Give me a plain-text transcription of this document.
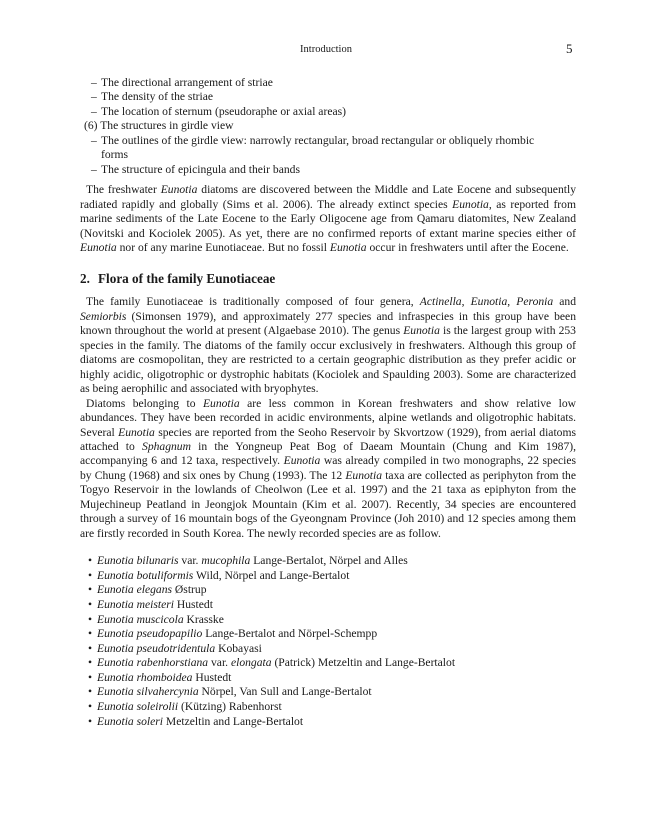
Introduction	5
– The directional arrangement of striae
– The density of the striae
– The location of sternum (pseudoraphe or axial areas)
(6) The structures in girdle view
– The outlines of the girdle view: narrowly rectangular, broad rectangular or obliquely rhombic
forms
– The structure of epicingula and their bands

The freshwater Eunotia diatoms are discovered between the Middle and Late Eocene and subsequently radiated rapidly and globally (Sims et al. 2006). The already extinct species Eunotia, as reported from marine sediments of the Late Eocene to the Early Oligocene age from Qamaru diatomites, New Zealand (Novitski and Kociolek 2005). As yet, there are no confirmed reports of extant marine species either of Eunotia nor of any marine Eunotiaceae. But no fossil Eunotia occur in freshwaters until after the Eocene.

2. Flora of the family Eunotiaceae

The family Eunotiaceae is traditionally composed of four genera, Actinella, Eunotia, Peronia and Semiorbis (Simonsen 1979), and approximately 277 species and infraspecies in this group have been known throughout the world at present (Algaebase 2010). The genus Eunotia is the largest group with 253 species in the family. The diatoms of the family occur exclusively in freshwaters. Although this group of diatoms are cosmopolitan, they are restricted to a certain geographic distribution as they prefer acidic or highly acidic, oligotrophic or dystrophic habitats (Kociolek and Spaulding 2003). Some are characterized as being aerophilic and associated with bryophytes.

Diatoms belonging to Eunotia are less common in Korean freshwaters and show relative low abundances. They have been recorded in acidic environments, alpine wetlands and oligotrophic habitats. Several Eunotia species are reported from the Seoho Reservoir by Skvortzow (1929), from aerial diatoms attached to Sphagnum in the Yongneup Peat Bog of Daeam Mountain (Chung and Kim 1987), accompanying 6 and 12 taxa, respectively. Eunotia was already compiled in two monographs, 22 species by Chung (1968) and six ones by Chung (1993). The 12 Eunotia taxa are collected as periphyton from the Togyo Reservoir in the lowlands of Cheolwon (Lee et al. 1997) and the 21 taxa as epiphyton from the Mujechineup Peatland in Jeongjok Mountain (Kim et al. 2007). Recently, 34 species are encountered through a survey of 16 mountain bogs of the Gyeongnam Province (Joh 2010) and 12 species among them are firstly recorded in South Korea. The newly recorded species are as follow.

• Eunotia bilunaris var. mucophila Lange-Bertalot, Nörpel and Alles
• Eunotia botuliformis Wild, Nörpel and Lange-Bertalot
• Eunotia elegans Østrup
• Eunotia meisteri Hustedt
• Eunotia muscicola Krasske
• Eunotia pseudopapilio Lange-Bertalot and Nörpel-Schempp
• Eunotia pseudotridentula Kobayasi
• Eunotia rabenhorstiana var. elongata (Patrick) Metzeltin and Lange-Bertalot
• Eunotia rhomboidea Hustedt
• Eunotia silvahercynia Nörpel, Van Sull and Lange-Bertalot
• Eunotia soleirolii (Kützing) Rabenhorst
• Eunotia soleri Metzeltin and Lange-Bertalot
